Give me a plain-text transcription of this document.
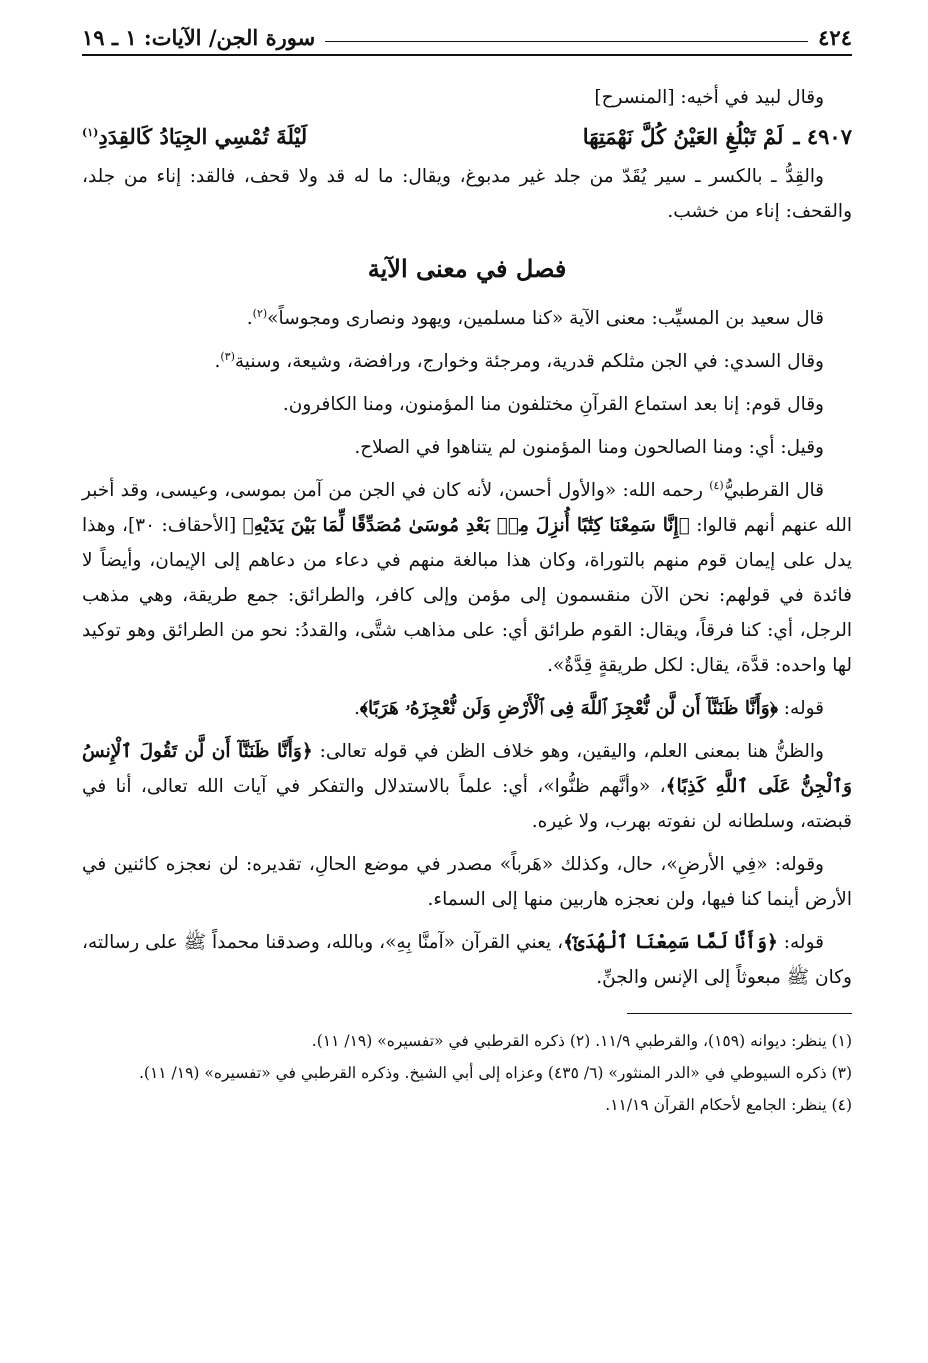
سورة الجن/ الآيات: ١ ـ ١٩	٤٢٤

وقال لبيد في أخيه: [المنسرح]

٤٩٠٧ ـ
لَمْ تَبْلُغِ العَيْنُ كُلَّ نَهْمَتِهَا
لَيْلَةَ تُمْسِي الجِيَادُ كَالقِدَدِ$^{(١)}$

والقِدُّ ـ بالكسر ـ سير يُقَدّ من جلد غير مدبوغ، ويقال: ما له قد ولا قحف، فالقد: إناء من جلد، والقحف: إناء من خشب.

فصل في معنى الآية

قال سعيد بن المسيِّب: معنى الآية «كنا مسلمين، ويهود ونصارى ومجوساً»$^{(٢)}$.

وقال السدي: في الجن مثلكم قدرية، ومرجئة وخوارج، ورافضة، وشيعة، وسنية$^{(٣)}$.

وقال قوم: إنا بعد استماع القرآنِ مختلفون منا المؤمنون، ومنا الكافرون.

وقيل: أي: ومنا الصالحون ومنا المؤمنون لم يتناهوا في الصلاح.

قال القرطبيُّ$^{(٤)}$ رحمه الله: «والأول أحسن، لأنه كان في الجن من آمن بموسى، وعيسى، وقد أخبر الله عنهم أنهم قالوا: ﴿إِنَّا سَمِعْنَا كِتَٰبًا أُنزِلَ مِنۢ بَعْدِ مُوسَىٰ مُصَدِّقًا لِّمَا بَيْنَ يَدَيْهِ﴾ [الأحقاف: ٣٠]، وهذا يدل على إيمان قوم منهم بالتوراة، وكان هذا مبالغة منهم في دعاء من دعاهم إلى الإيمان، وأيضاً لا فائدة في قولهم: نحن الآن منقسمون إلى مؤمن وإلى كافر، والطرائق: جمع طريقة، وهي مذهب الرجل، أي: كنا فرقاً، ويقال: القوم طرائق أي: على مذاهب شتَّى، والقددُ: نحو من الطرائق وهو توكيد لها واحده: قدَّة، يقال: لكل طريقةٍ قِدَّةٌ».

قوله: ﴿وَأَنَّا ظَنَنَّآ أَن لَّن نُّعْجِزَ ٱللَّهَ فِى ٱلْأَرْضِ وَلَن نُّعْجِزَهُۥ هَرَبًا﴾.

والظنُّ هنا بمعنى العلم، واليقين، وهو خلاف الظن في قوله تعالى: ﴿وَأَنَّا ظَنَنَّآ أَن لَّن تَقُولَ ٱلْإِنسُ وَٱلْجِنُّ عَلَى ٱللَّهِ كَذِبًا﴾، «وأنَّهم ظنُّوا»، أي: علماً بالاستدلال والتفكر في آيات الله تعالى، أنا في قبضته، وسلطانه لن نفوته بهرب، ولا غيره.

وقوله: «فِي الأرضِ»، حال، وكذلك «هَرباً» مصدر في موضع الحالِ، تقديره: لن نعجزه كائنين في الأرض أينما كنا فيها، ولن نعجزه هاربين منها إلى السماء.

قوله: ﴿وَأَنَّا لَمَّا سَمِعْنَا ٱلْهُدَىٰٓ﴾، يعني القرآن «آمنَّا بِهِ»، وبالله، وصدقنا محمداً ﷺ على رسالته، وكان ﷺ مبعوثاً إلى الإنس والجنِّ.

(١) ينظر: ديوانه (١٥٩)، والقرطبي ١١/٩. (٢) ذكره القرطبي في «تفسيره» (١٩/ ١١).

(٣) ذكره السيوطي في «الدر المنثور» (٦/ ٤٣٥) وعزاه إلى أبي الشيخ. وذكره القرطبي في «تفسيره» (١٩/ ١١).

(٤) ينظر: الجامع لأحكام القرآن ١١/١٩.
